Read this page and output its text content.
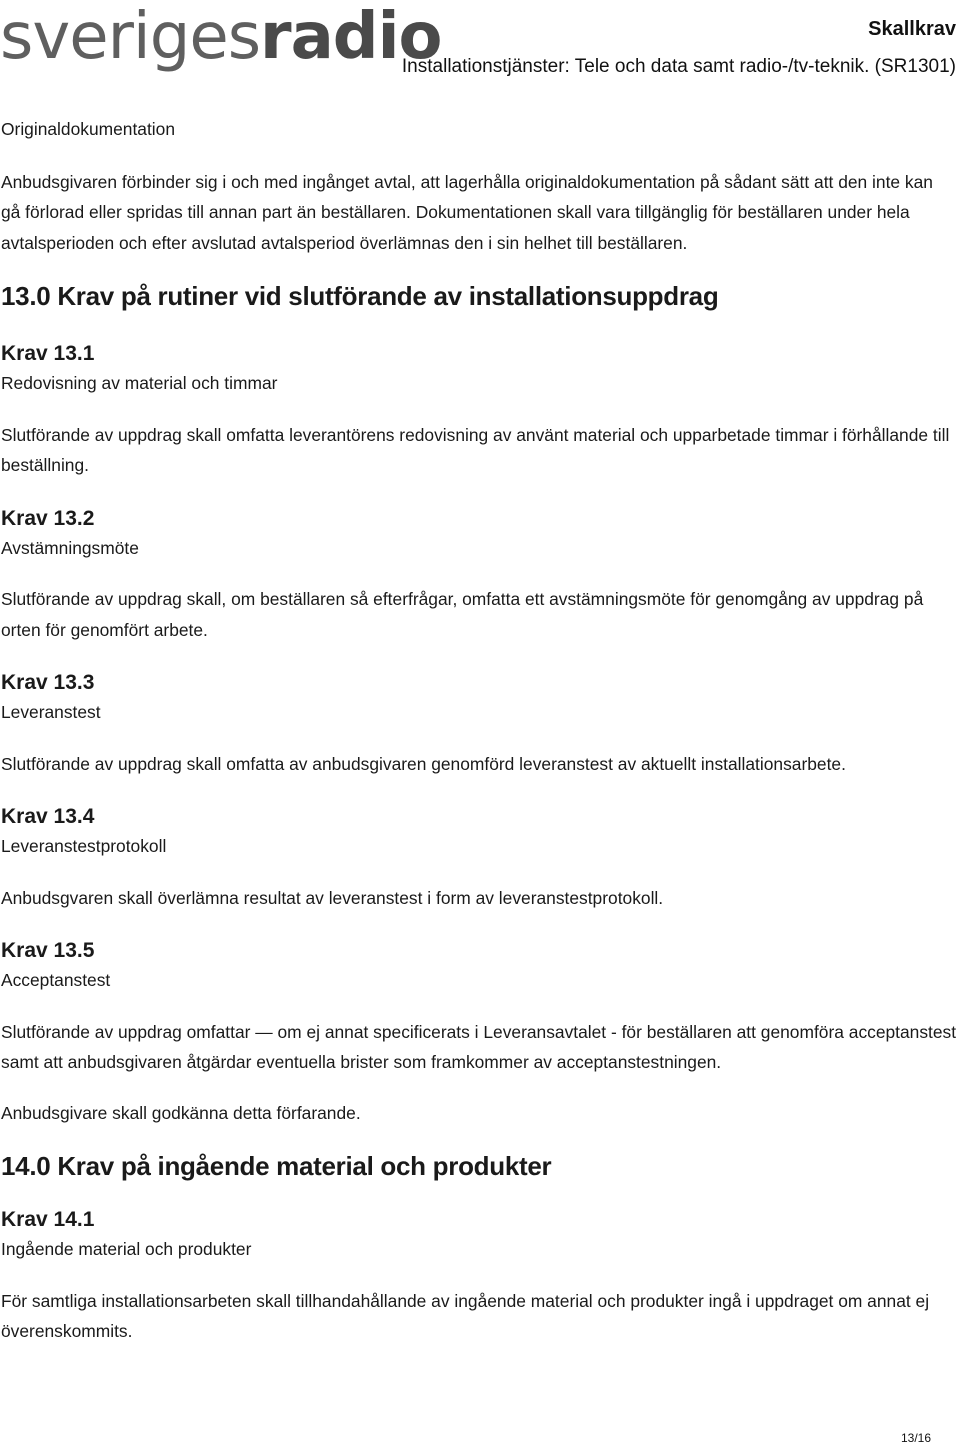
sverigesradio	Skallkrav
Installationstjänster: Tele och data samt radio-/tv-teknik. (SR1301)

Originaldokumentation

Anbudsgivaren förbinder sig i och med ingånget avtal, att lagerhålla originaldokumentation på sådant sätt att den inte kan gå förlorad eller spridas till annan part än beställaren. Dokumentationen skall vara tillgänglig för beställaren under hela avtalsperioden och efter avslutad avtalsperiod överlämnas den i sin helhet till beställaren.

13.0 Krav på rutiner vid slutförande av installationsuppdrag

Krav 13.1

Redovisning av material och timmar

Slutförande av uppdrag skall omfatta leverantörens redovisning av använt material och upparbetade timmar i förhållande till beställning.

Krav 13.2

Avstämningsmöte

Slutförande av uppdrag skall, om beställaren så efterfrågar, omfatta ett avstämningsmöte för genomgång av uppdrag på orten för genomfört arbete.

Krav 13.3

Leveranstest

Slutförande av uppdrag skall omfatta av anbudsgivaren genomförd leveranstest av aktuellt installationsarbete.

Krav 13.4

Leveranstestprotokoll

Anbudsgvaren skall överlämna resultat av leveranstest i form av leveranstestprotokoll.

Krav 13.5

Acceptanstest

Slutförande av uppdrag omfattar — om ej annat specificerats i Leveransavtalet - för beställaren att genomföra acceptanstest samt att anbudsgivaren åtgärdar eventuella brister som framkommer av acceptanstestningen.

Anbudsgivare skall godkänna detta förfarande.

14.0 Krav på ingående material och produkter

Krav 14.1

Ingående material och produkter

För samtliga installationsarbeten skall tillhandahållande av ingående material och produkter ingå i uppdraget om annat ej överenskommits.

13/16
